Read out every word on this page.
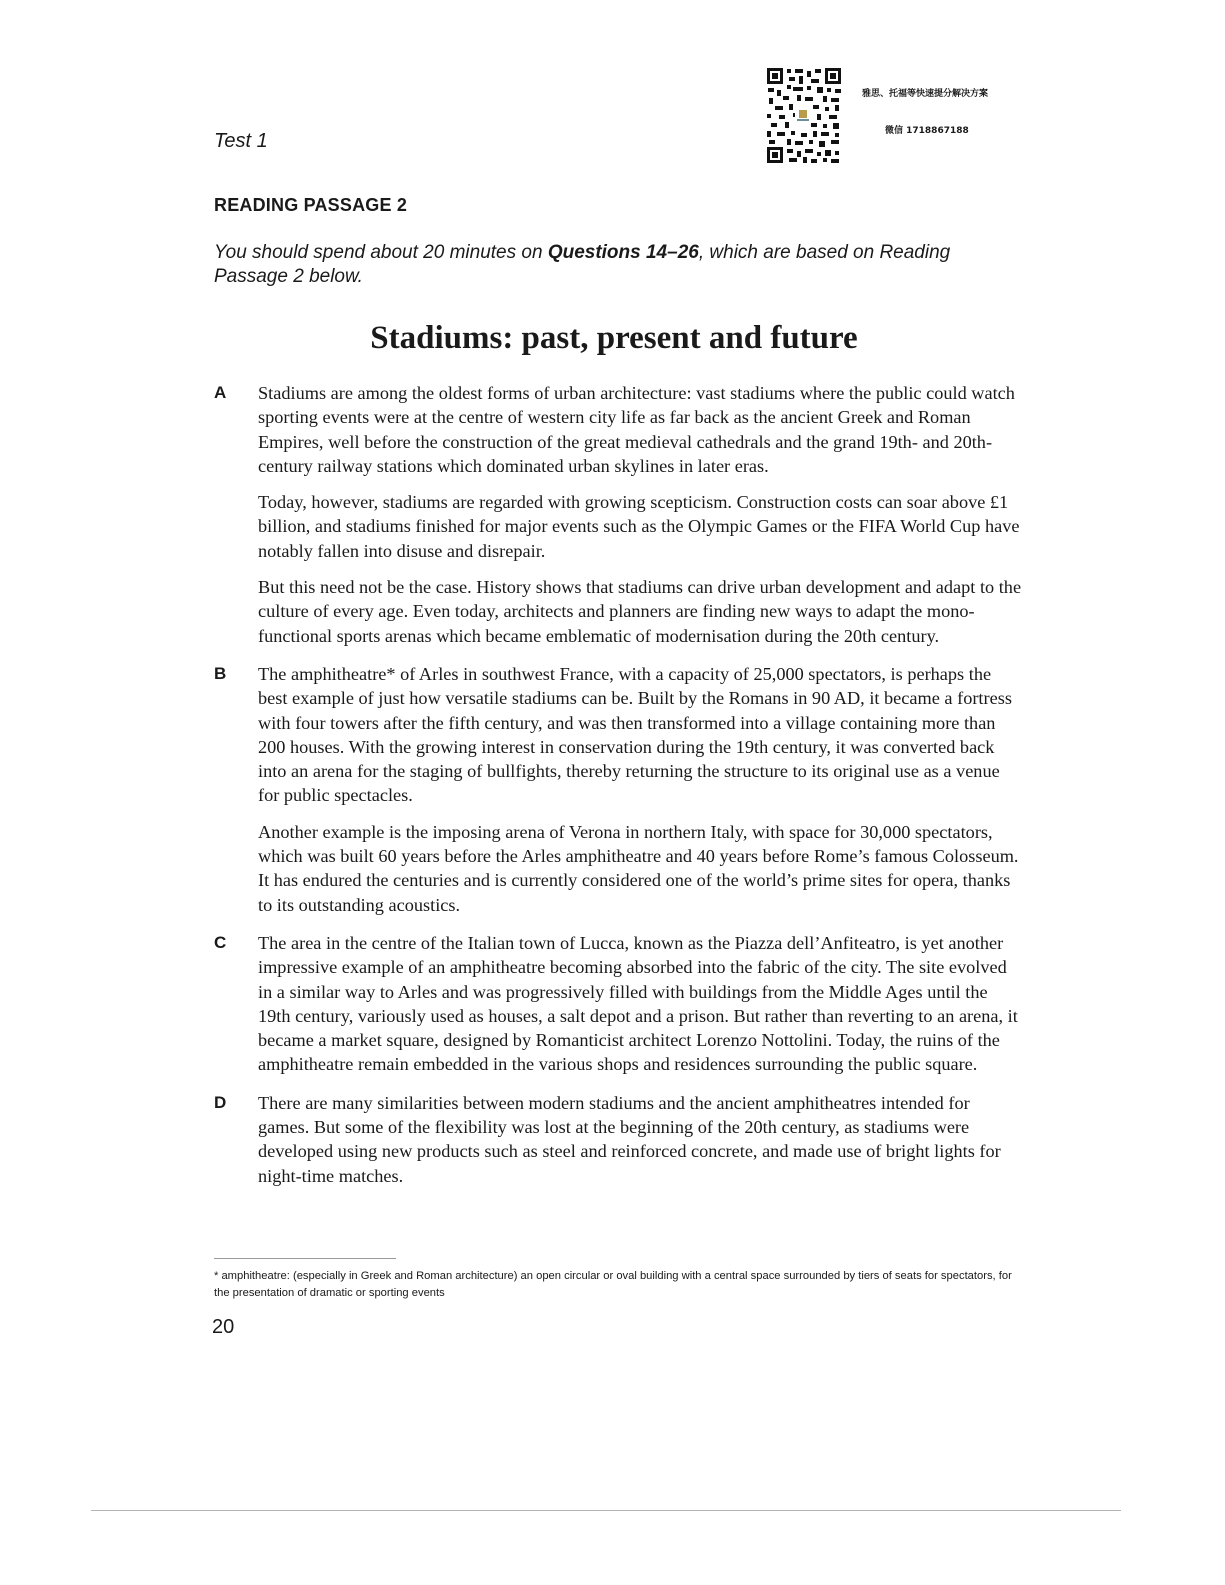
Test 1
雅思、托福等快速提分解决方案
微信 1718867188
READING PASSAGE 2
You should spend about 20 minutes on Questions 14–26, which are based on Reading Passage 2 below.
Stadiums: past, present and future
A Stadiums are among the oldest forms of urban architecture: vast stadiums where the public could watch sporting events were at the centre of western city life as far back as the ancient Greek and Roman Empires, well before the construction of the great medieval cathedrals and the grand 19th- and 20th-century railway stations which dominated urban skylines in later eras.

Today, however, stadiums are regarded with growing scepticism. Construction costs can soar above £1 billion, and stadiums finished for major events such as the Olympic Games or the FIFA World Cup have notably fallen into disuse and disrepair.

But this need not be the case. History shows that stadiums can drive urban development and adapt to the culture of every age. Even today, architects and planners are finding new ways to adapt the mono-functional sports arenas which became emblematic of modernisation during the 20th century.

B The amphitheatre* of Arles in southwest France, with a capacity of 25,000 spectators, is perhaps the best example of just how versatile stadiums can be. Built by the Romans in 90 AD, it became a fortress with four towers after the fifth century, and was then transformed into a village containing more than 200 houses. With the growing interest in conservation during the 19th century, it was converted back into an arena for the staging of bullfights, thereby returning the structure to its original use as a venue for public spectacles.

Another example is the imposing arena of Verona in northern Italy, with space for 30,000 spectators, which was built 60 years before the Arles amphitheatre and 40 years before Rome’s famous Colosseum. It has endured the centuries and is currently considered one of the world’s prime sites for opera, thanks to its outstanding acoustics.

C The area in the centre of the Italian town of Lucca, known as the Piazza dell’Anfiteatro, is yet another impressive example of an amphitheatre becoming absorbed into the fabric of the city. The site evolved in a similar way to Arles and was progressively filled with buildings from the Middle Ages until the 19th century, variously used as houses, a salt depot and a prison. But rather than reverting to an arena, it became a market square, designed by Romanticist architect Lorenzo Nottolini. Today, the ruins of the amphitheatre remain embedded in the various shops and residences surrounding the public square.

D There are many similarities between modern stadiums and the ancient amphitheatres intended for games. But some of the flexibility was lost at the beginning of the 20th century, as stadiums were developed using new products such as steel and reinforced concrete, and made use of bright lights for night-time matches.

* amphitheatre: (especially in Greek and Roman architecture) an open circular or oval building with a central space surrounded by tiers of seats for spectators, for the presentation of dramatic or sporting events
20
